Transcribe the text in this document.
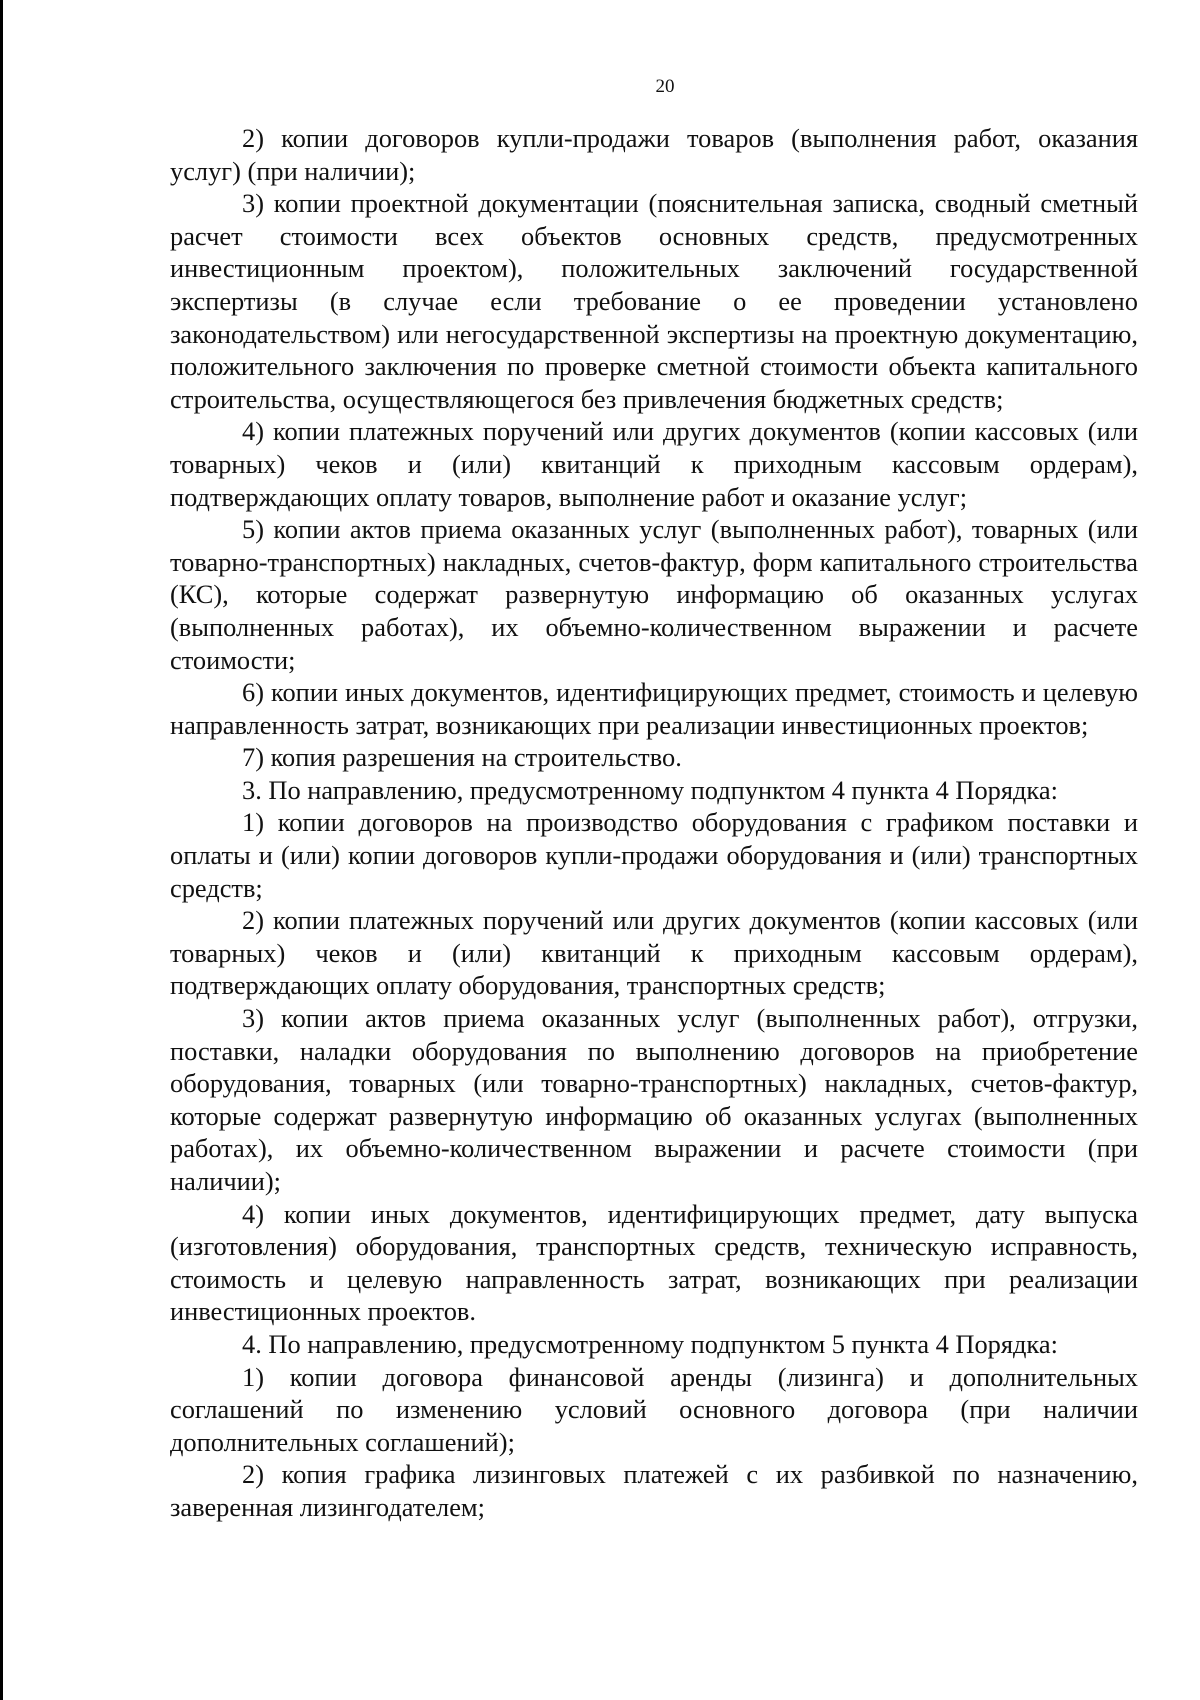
20

2) копии договоров купли-продажи товаров (выполнения работ, оказания услуг) (при наличии);

3) копии проектной документации (пояснительная записка, сводный сметный расчет стоимости всех объектов основных средств, предусмотренных инвестиционным проектом), положительных заключений государственной экспертизы (в случае если требование о ее проведении установлено законодательством) или негосударственной экспертизы на проектную документацию, положительного заключения по проверке сметной стоимости объекта капитального строительства, осуществляющегося без привлечения бюджетных средств;

4) копии платежных поручений или других документов (копии кассовых (или товарных) чеков и (или) квитанций к приходным кассовым ордерам), подтверждающих оплату товаров, выполнение работ и оказание услуг;

5) копии актов приема оказанных услуг (выполненных работ), товарных (или товарно-транспортных) накладных, счетов-фактур, форм капитального строительства (КС), которые содержат развернутую информацию об оказанных услугах (выполненных работах), их объемно-количественном выражении и расчете стоимости;

6) копии иных документов, идентифицирующих предмет, стоимость и целевую направленность затрат, возникающих при реализации инвестиционных проектов;

7) копия разрешения на строительство.

3. По направлению, предусмотренному подпунктом 4 пункта 4 Порядка:

1) копии договоров на производство оборудования с графиком поставки и оплаты и (или) копии договоров купли-продажи оборудования и (или) транспортных средств;

2) копии платежных поручений или других документов (копии кассовых (или товарных) чеков и (или) квитанций к приходным кассовым ордерам), подтверждающих оплату оборудования, транспортных средств;

3) копии актов приема оказанных услуг (выполненных работ), отгрузки, поставки, наладки оборудования по выполнению договоров на приобретение оборудования, товарных (или товарно-транспортных) накладных, счетов-фактур, которые содержат развернутую информацию об оказанных услугах (выполненных работах), их объемно-количественном выражении и расчете стоимости (при наличии);

4) копии иных документов, идентифицирующих предмет, дату выпуска (изготовления) оборудования, транспортных средств, техническую исправность, стоимость и целевую направленность затрат, возникающих при реализации инвестиционных проектов.

4. По направлению, предусмотренному подпунктом 5 пункта 4 Порядка:

1) копии договора финансовой аренды (лизинга) и дополнительных соглашений по изменению условий основного договора (при наличии дополнительных соглашений);

2) копия графика лизинговых платежей с их разбивкой по назначению, заверенная лизингодателем;
